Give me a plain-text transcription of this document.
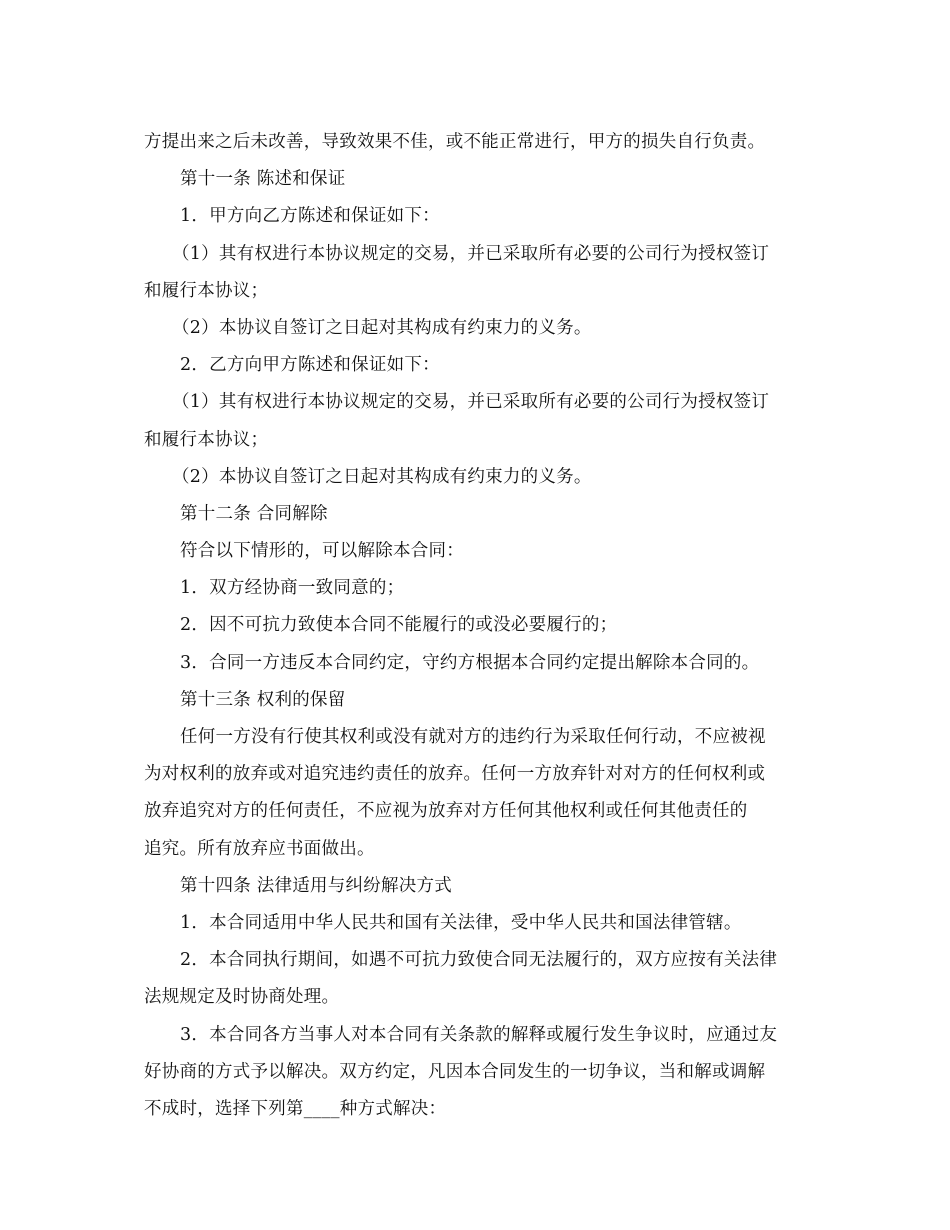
方提出来之后未改善，导致效果不佳，或不能正常进行，甲方的损失自行负责。
第十一条 陈述和保证
1．甲方向乙方陈述和保证如下：
（1）其有权进行本协议规定的交易，并已采取所有必要的公司行为授权签订
和履行本协议；
（2）本协议自签订之日起对其构成有约束力的义务。
2．乙方向甲方陈述和保证如下：
（1）其有权进行本协议规定的交易，并已采取所有必要的公司行为授权签订
和履行本协议；
（2）本协议自签订之日起对其构成有约束力的义务。
第十二条 合同解除
符合以下情形的，可以解除本合同：
1．双方经协商一致同意的；
2．因不可抗力致使本合同不能履行的或没必要履行的；
3．合同一方违反本合同约定，守约方根据本合同约定提出解除本合同的。
第十三条 权利的保留
任何一方没有行使其权利或没有就对方的违约行为采取任何行动，不应被视
为对权利的放弃或对追究违约责任的放弃。任何一方放弃针对对方的任何权利或
放弃追究对方的任何责任，不应视为放弃对方任何其他权利或任何其他责任的
追究。所有放弃应书面做出。
第十四条 法律适用与纠纷解决方式
1．本合同适用中华人民共和国有关法律，受中华人民共和国法律管辖。
2．本合同执行期间，如遇不可抗力致使合同无法履行的，双方应按有关法律
法规规定及时协商处理。
3．本合同各方当事人对本合同有关条款的解释或履行发生争议时，应通过友
好协商的方式予以解决。双方约定，凡因本合同发生的一切争议，当和解或调解
不成时，选择下列第____种方式解决：
